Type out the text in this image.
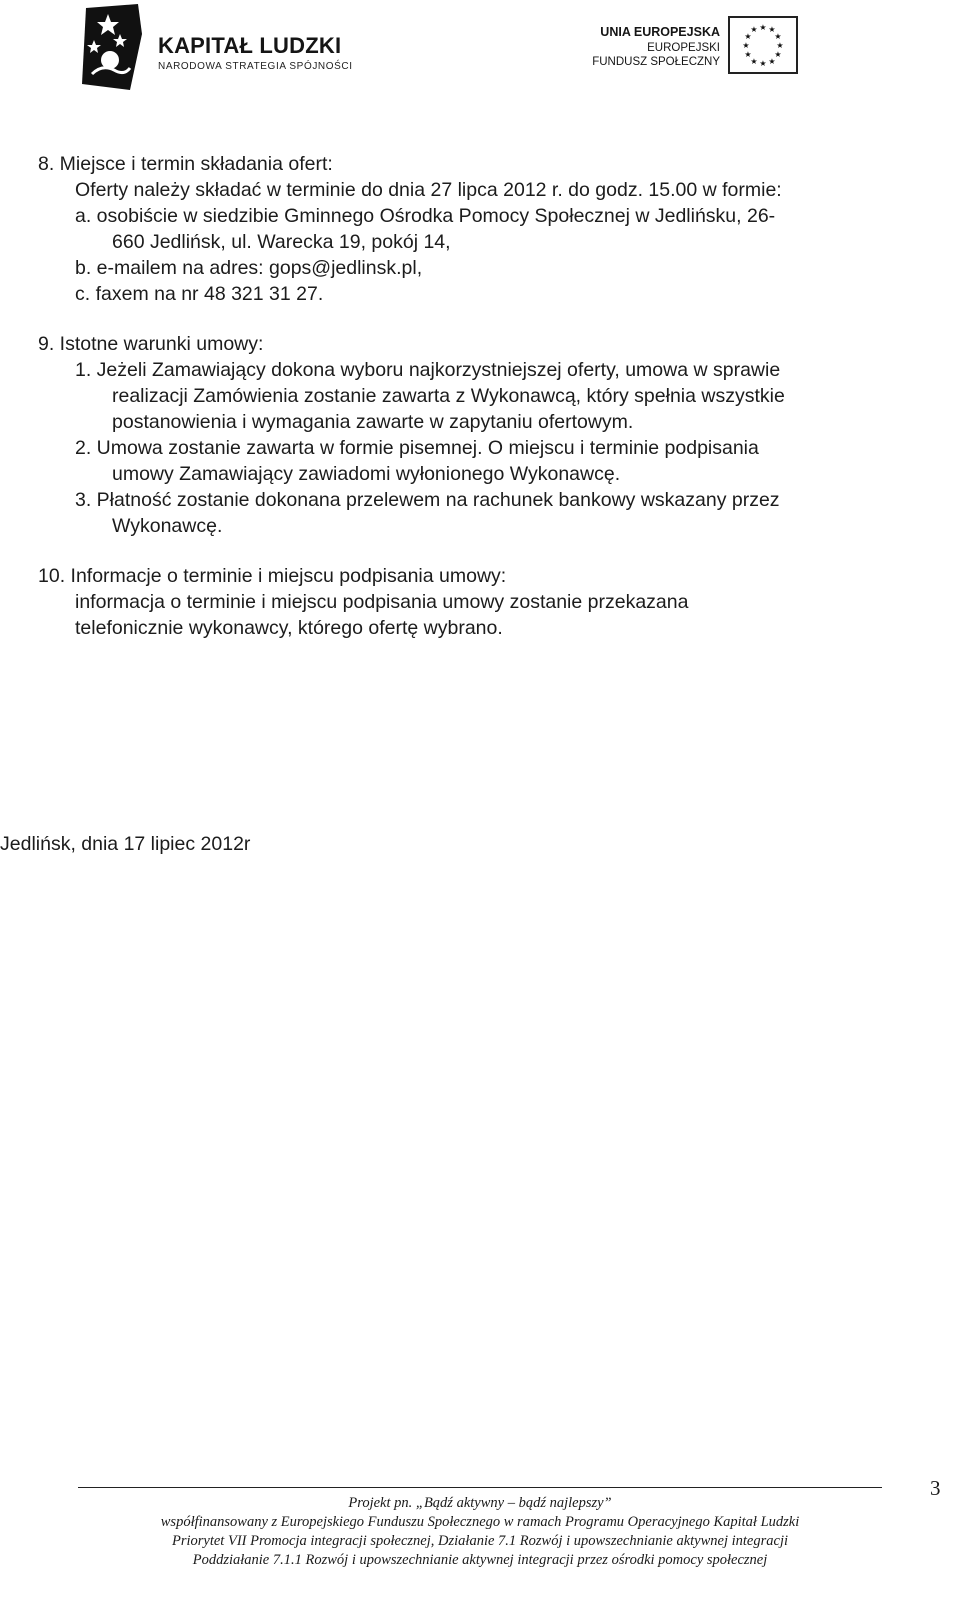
KAPITAŁ LUDZKI
NARODOWA STRATEGIA SPÓJNOŚCI
UNIA EUROPEJSKA
EUROPEJSKI
FUNDUSZ SPOŁECZNY
★ ★
★
★
★
★
★
★
★
★
★
★
8. Miejsce i termin składania ofert:
Oferty należy składać w terminie do dnia 27 lipca 2012 r. do godz. 15.00 w formie:
a. osobiście w siedzibie Gminnego Ośrodka Pomocy Społecznej w Jedlińsku, 26-
660 Jedlińsk, ul. Warecka 19, pokój 14,
b. e-mailem na adres: gops@jedlinsk.pl,
c. faxem na nr 48 321 31 27.
9. Istotne warunki umowy:
1. Jeżeli Zamawiający dokona wyboru najkorzystniejszej oferty, umowa w sprawie
realizacji Zamówienia zostanie zawarta z Wykonawcą, który spełnia wszystkie
postanowienia i wymagania zawarte w zapytaniu ofertowym.
2. Umowa zostanie zawarta w formie pisemnej. O miejscu i terminie podpisania
umowy Zamawiający zawiadomi wyłonionego Wykonawcę.
3. Płatność zostanie dokonana przelewem na rachunek bankowy wskazany przez
Wykonawcę.
10. Informacje o terminie i miejscu podpisania umowy:
informacja o terminie i miejscu podpisania umowy zostanie przekazana
telefonicznie wykonawcy, którego ofertę wybrano.
Jedlińsk, dnia 17 lipiec 2012r
Projekt pn. „Bądź aktywny – bądź najlepszy”
współfinansowany z Europejskiego Funduszu Społecznego w ramach Programu Operacyjnego Kapitał Ludzki
Priorytet VII Promocja integracji społecznej, Działanie 7.1 Rozwój i upowszechnianie aktywnej integracji
Poddziałanie 7.1.1 Rozwój i upowszechnianie aktywnej integracji przez ośrodki pomocy społecznej
3
